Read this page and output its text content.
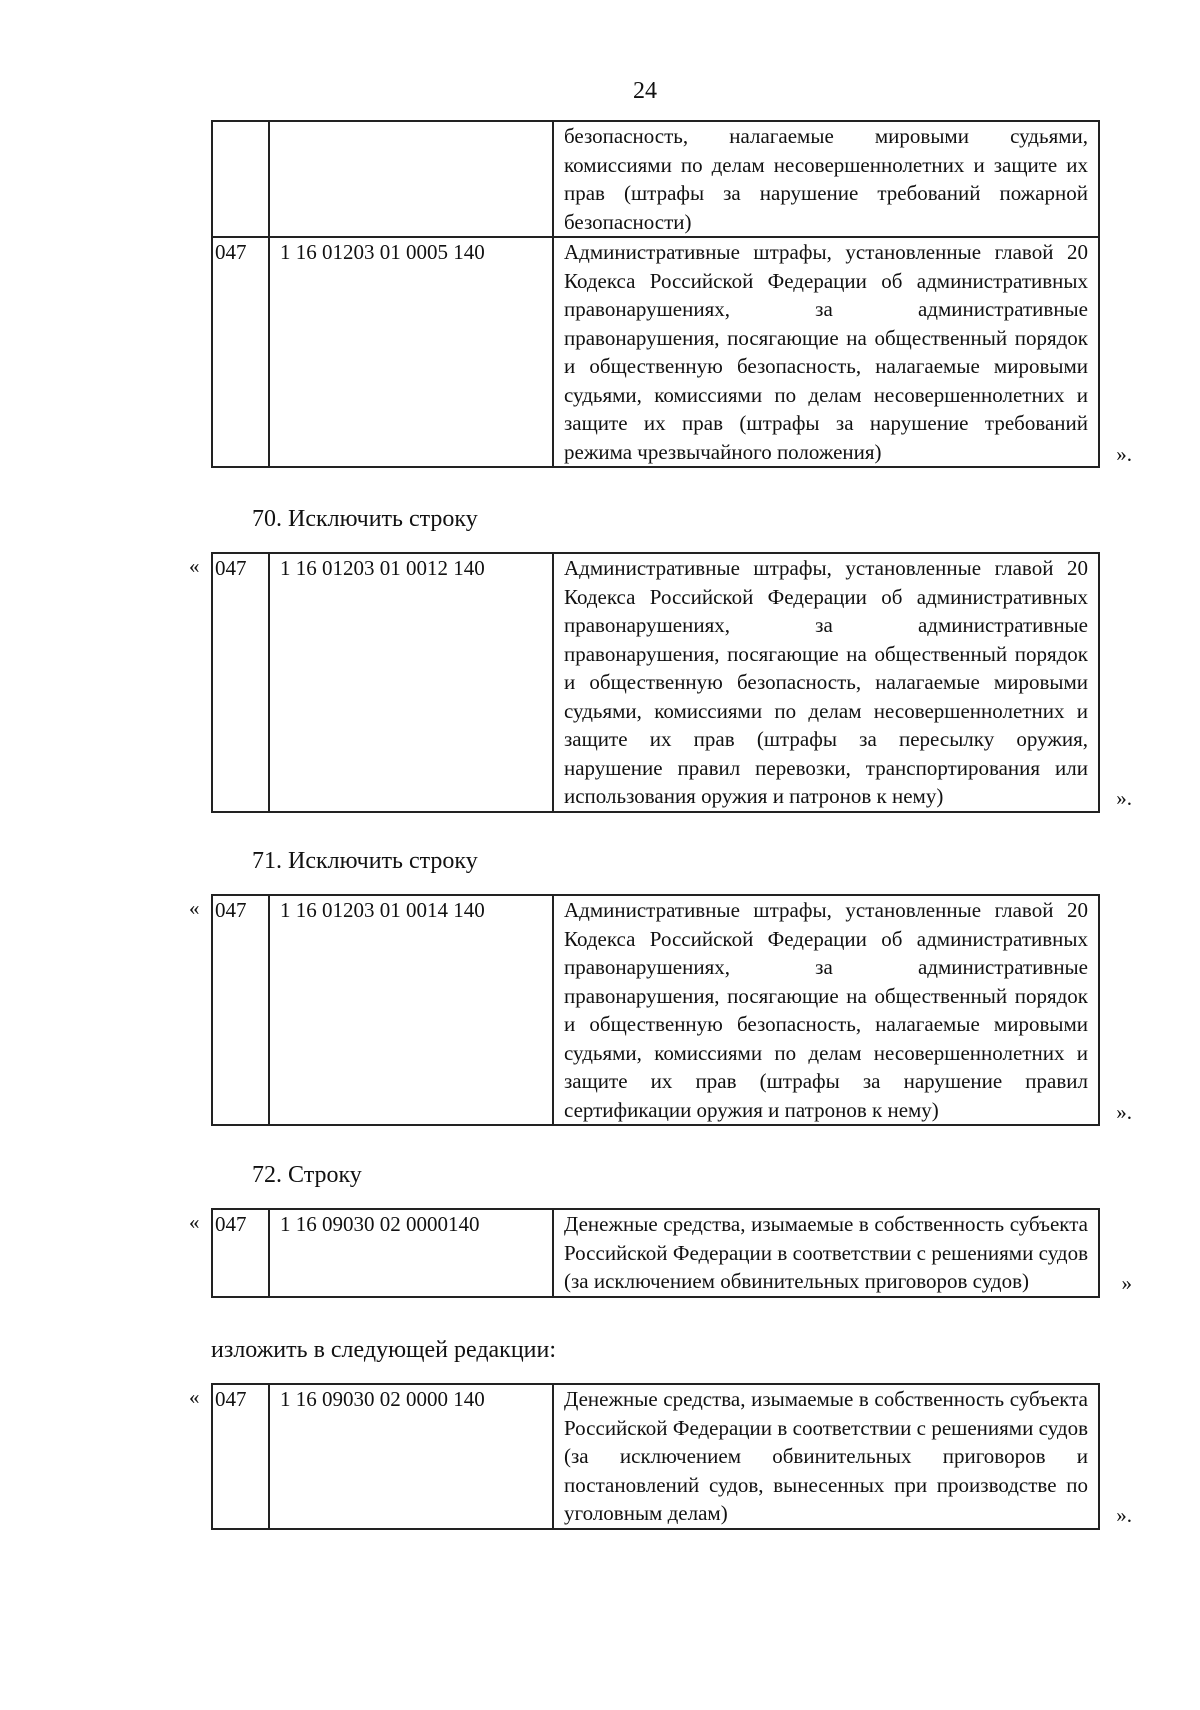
24

		безопасность, налагаемые мировыми судьями, комиссиями по делам несовершеннолетних и защите их прав (штрафы за нарушение требований пожарной безопасности)

047	1 16 01203 01 0005 140	Административные штрафы, установленные главой 20 Кодекса Российской Федерации об административных правонарушениях, за административные правонарушения, посягающие на общественный порядок и общественную безопасность, налагаемые мировыми судьями, комиссиями по делам несовершеннолетних и защите их прав (штрафы за нарушение требований режима чрезвычайного положения)	».
70. Исключить строку
« 047	1 16 01203 01 0012 140	Административные штрафы, установленные главой 20 Кодекса Российской Федерации об административных правонарушениях, за административные правонарушения, посягающие на общественный порядок и общественную безопасность, налагаемые мировыми судьями, комиссиями по делам несовершеннолетних и защите их прав (штрафы за пересылку оружия, нарушение правил перевозки, транспортирования или использования оружия и патронов к нему)	».
71. Исключить строку
« 047	1 16 01203 01 0014 140	Административные штрафы, установленные главой 20 Кодекса Российской Федерации об административных правонарушениях, за административные правонарушения, посягающие на общественный порядок и общественную безопасность, налагаемые мировыми судьями, комиссиями по делам несовершеннолетних и защите их прав (штрафы за нарушение правил сертификации оружия и патронов к нему)	».
72. Строку
« 047	1 16 09030 02 0000140	Денежные средства, изымаемые в собственность субъекта Российской Федерации в соответствии с решениями судов (за исключением обвинительных приговоров судов)	»
изложить в следующей редакции:
« 047	1 16 09030 02 0000 140	Денежные средства, изымаемые в собственность субъекта Российской Федерации в соответствии с решениями судов (за исключением обвинительных приговоров и постановлений судов, вынесенных при производстве по уголовным делам)	».
